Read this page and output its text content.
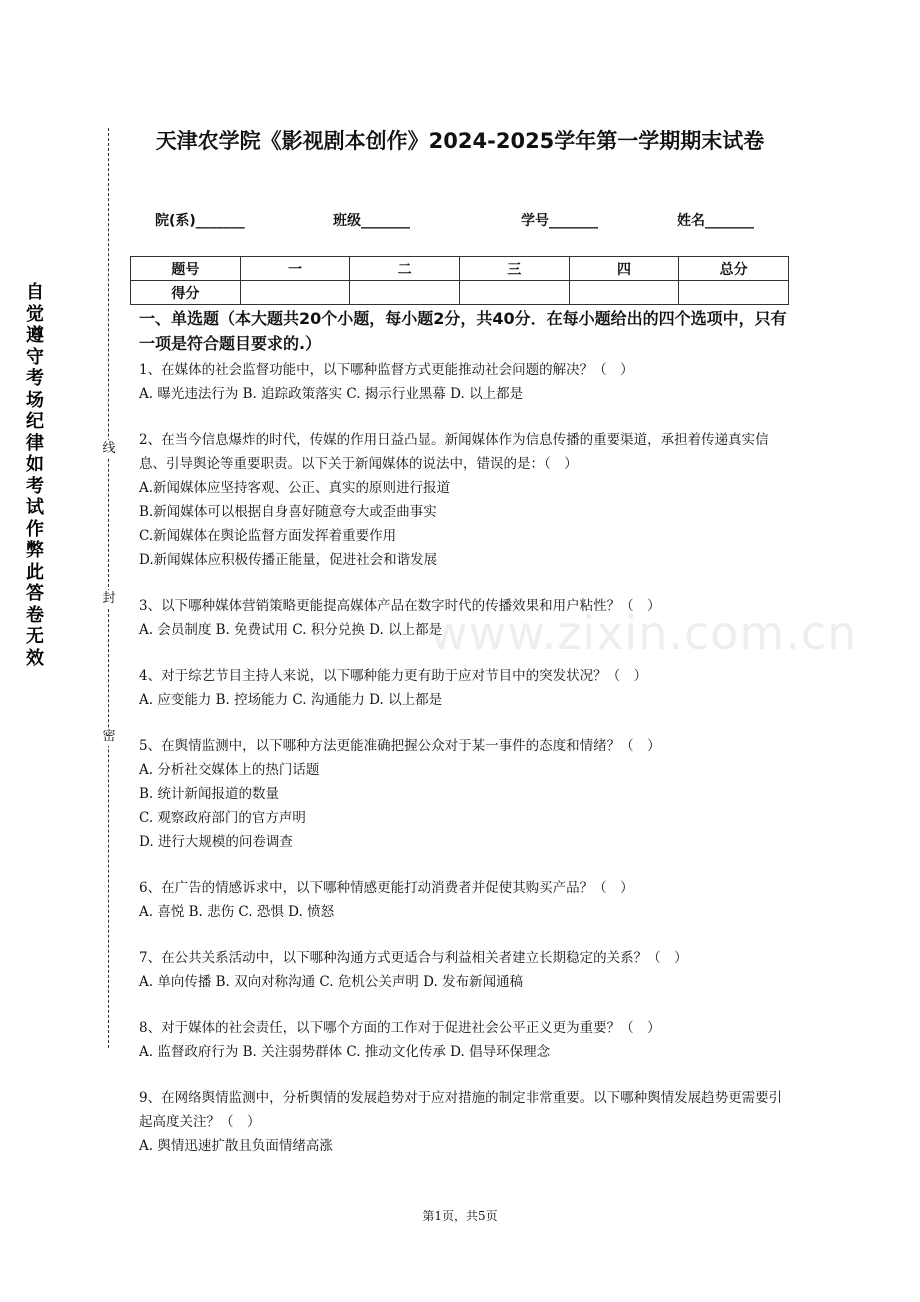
自觉遵守考场纪律如考试作弊此答卷无效
线
封
密
天津农学院《影视剧本创作》2024-2025学年第一学期期末试卷
院(系)_______	班级_______	学号_______	姓名_______
题号	一	二	三	四	总分
得分					
一、单选题（本大题共20个小题，每小题2分，共40分．在每小题给出的四个选项中，只有一项是符合题目要求的.）

1、在媒体的社会监督功能中，以下哪种监督方式更能推动社会问题的解决？（　）

A. 曝光违法行为 B. 追踪政策落实 C. 揭示行业黑幕 D. 以上都是

2、在当今信息爆炸的时代，传媒的作用日益凸显。新闻媒体作为信息传播的重要渠道，承担着传递真实信息、引导舆论等重要职责。以下关于新闻媒体的说法中，错误的是：（　）

A.新闻媒体应坚持客观、公正、真实的原则进行报道

B.新闻媒体可以根据自身喜好随意夸大或歪曲事实

C.新闻媒体在舆论监督方面发挥着重要作用

D.新闻媒体应积极传播正能量，促进社会和谐发展

3、以下哪种媒体营销策略更能提高媒体产品在数字时代的传播效果和用户粘性？（　）

A. 会员制度 B. 免费试用 C. 积分兑换 D. 以上都是

4、对于综艺节目主持人来说，以下哪种能力更有助于应对节目中的突发状况？（　）

A. 应变能力 B. 控场能力 C. 沟通能力 D. 以上都是

5、在舆情监测中，以下哪种方法更能准确把握公众对于某一事件的态度和情绪？（　）

A. 分析社交媒体上的热门话题

B. 统计新闻报道的数量

C. 观察政府部门的官方声明

D. 进行大规模的问卷调查

6、在广告的情感诉求中，以下哪种情感更能打动消费者并促使其购买产品？（　）

A. 喜悦 B. 悲伤 C. 恐惧 D. 愤怒

7、在公共关系活动中，以下哪种沟通方式更适合与利益相关者建立长期稳定的关系？（　）

A. 单向传播 B. 双向对称沟通 C. 危机公关声明 D. 发布新闻通稿

8、对于媒体的社会责任，以下哪个方面的工作对于促进社会公平正义更为重要？（　）

A. 监督政府行为 B. 关注弱势群体 C. 推动文化传承 D. 倡导环保理念

9、在网络舆情监测中，分析舆情的发展趋势对于应对措施的制定非常重要。以下哪种舆情发展趋势更需要引起高度关注？（　）

A. 舆情迅速扩散且负面情绪高涨

www.zixin.com.cn
第1页，共5页
